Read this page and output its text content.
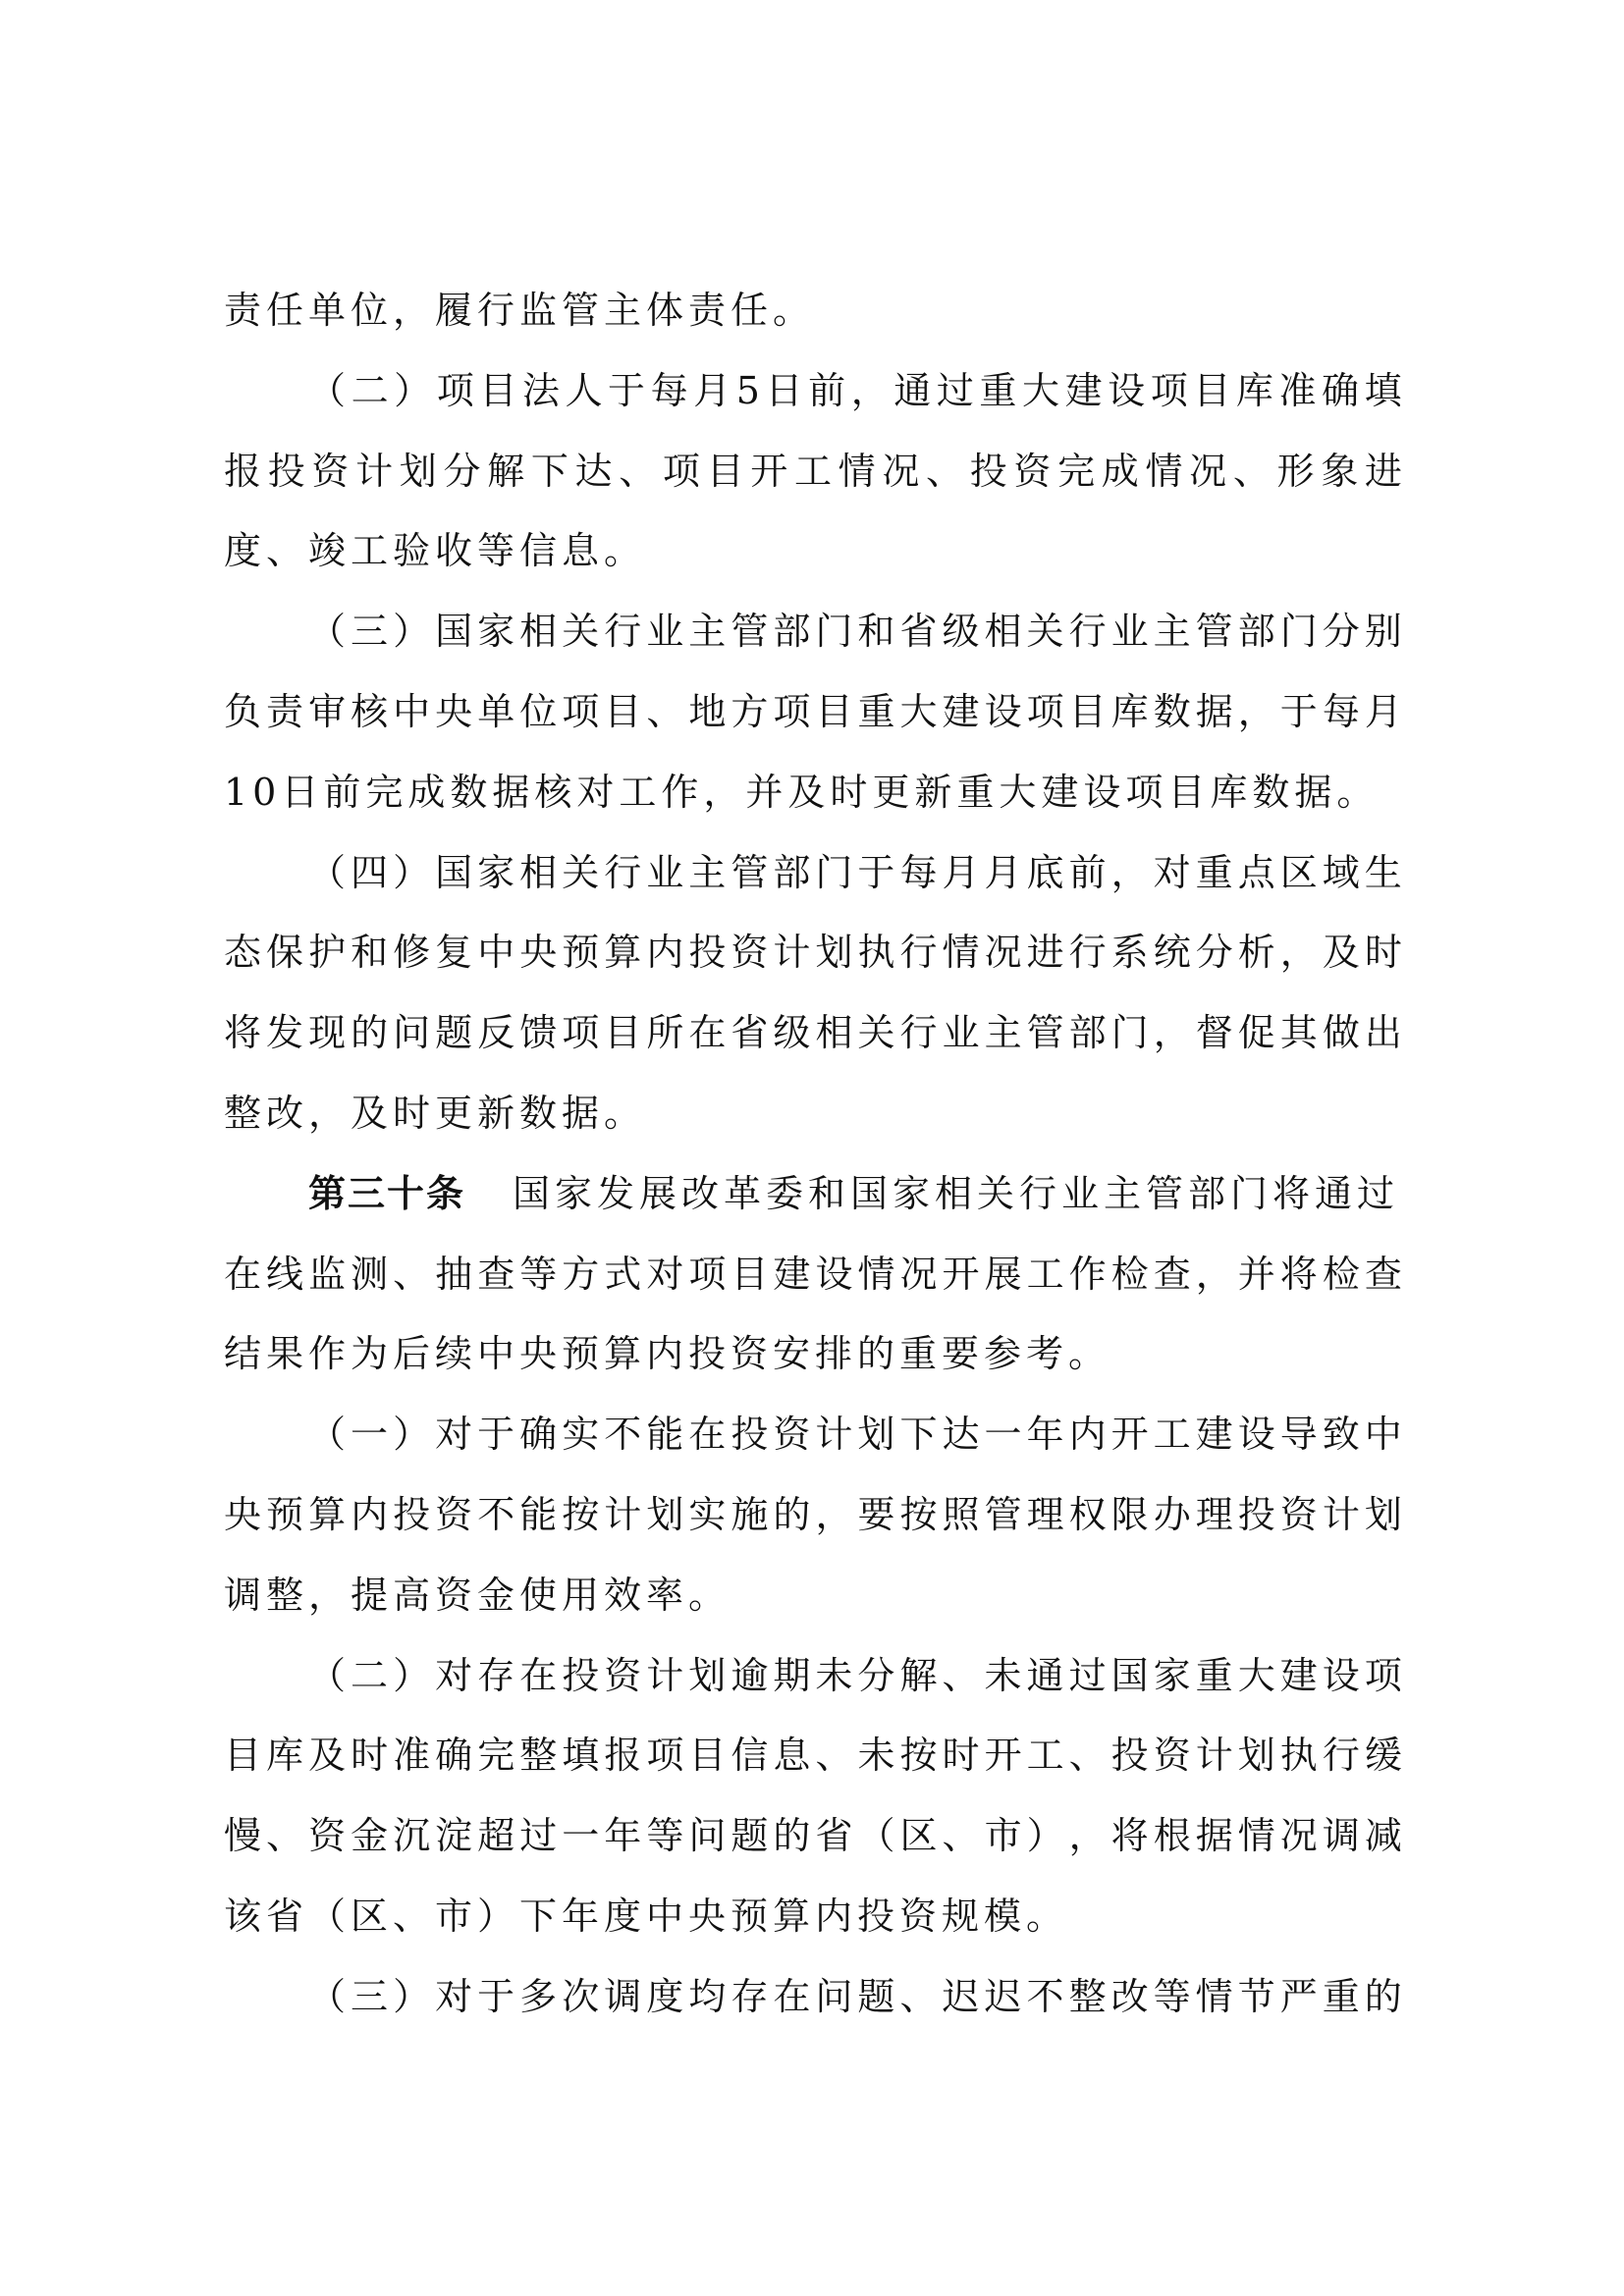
责任单位，履行监管主体责任。
（ 二 ） 项 目 法 人 于 每 月 5 日 前 ， 通 过 重 大 建 设 项 目 库 准 确 填
报 投 资 计 划 分 解 下 达 、 项 目 开 工 情 况 、 投 资 完 成 情 况 、 形 象 进
度、竣工验收等信息。
（ 三 ） 国 家 相 关 行 业 主 管 部 门 和 省 级 相 关 行 业 主 管 部 门 分 别
负 责 审 核 中 央 单 位 项 目 、 地 方 项 目 重 大 建 设 项 目 库 数 据 ， 于 每 月
10日前完成数据核对工作，并及时更新重大建设项目库数据。
（ 四 ） 国 家 相 关 行 业 主 管 部 门 于 每 月 月 底 前 ， 对 重 点 区 域 生
态 保 护 和 修 复 中 央 预 算 内 投 资 计 划 执 行 情 况 进 行 系 统 分 析 ， 及 时
将 发 现 的 问 题 反 馈 项 目 所 在 省 级 相 关 行 业 主 管 部 门 ， 督 促 其 做 出
整改，及时更新数据。
第三十条 国家发展改革委和国家相关行业主管部门将通过
在 线 监 测 、 抽 查 等 方 式 对 项 目 建 设 情 况 开 展 工 作 检 查 ， 并 将 检 查
结果作为后续中央预算内投资安排的重要参考。
（ 一 ） 对 于 确 实 不 能 在 投 资 计 划 下 达 一 年 内 开 工 建 设 导 致 中
央 预 算 内 投 资 不 能 按 计 划 实 施 的 ， 要 按 照 管 理 权 限 办 理 投 资 计 划
调整，提高资金使用效率。
（ 二 ） 对 存 在 投 资 计 划 逾 期 未 分 解 、 未 通 过 国 家 重 大 建 设 项
目 库 及 时 准 确 完 整 填 报 项 目 信 息 、 未 按 时 开 工 、 投 资 计 划 执 行 缓
慢 、 资 金 沉 淀 超 过 一 年 等 问 题 的 省 （ 区 、 市 ） ， 将 根 据 情 况 调 减
该省（区、市）下年度中央预算内投资规模。
（ 三 ） 对 于 多 次 调 度 均 存 在 问 题 、 迟 迟 不 整 改 等 情 节 严 重 的
